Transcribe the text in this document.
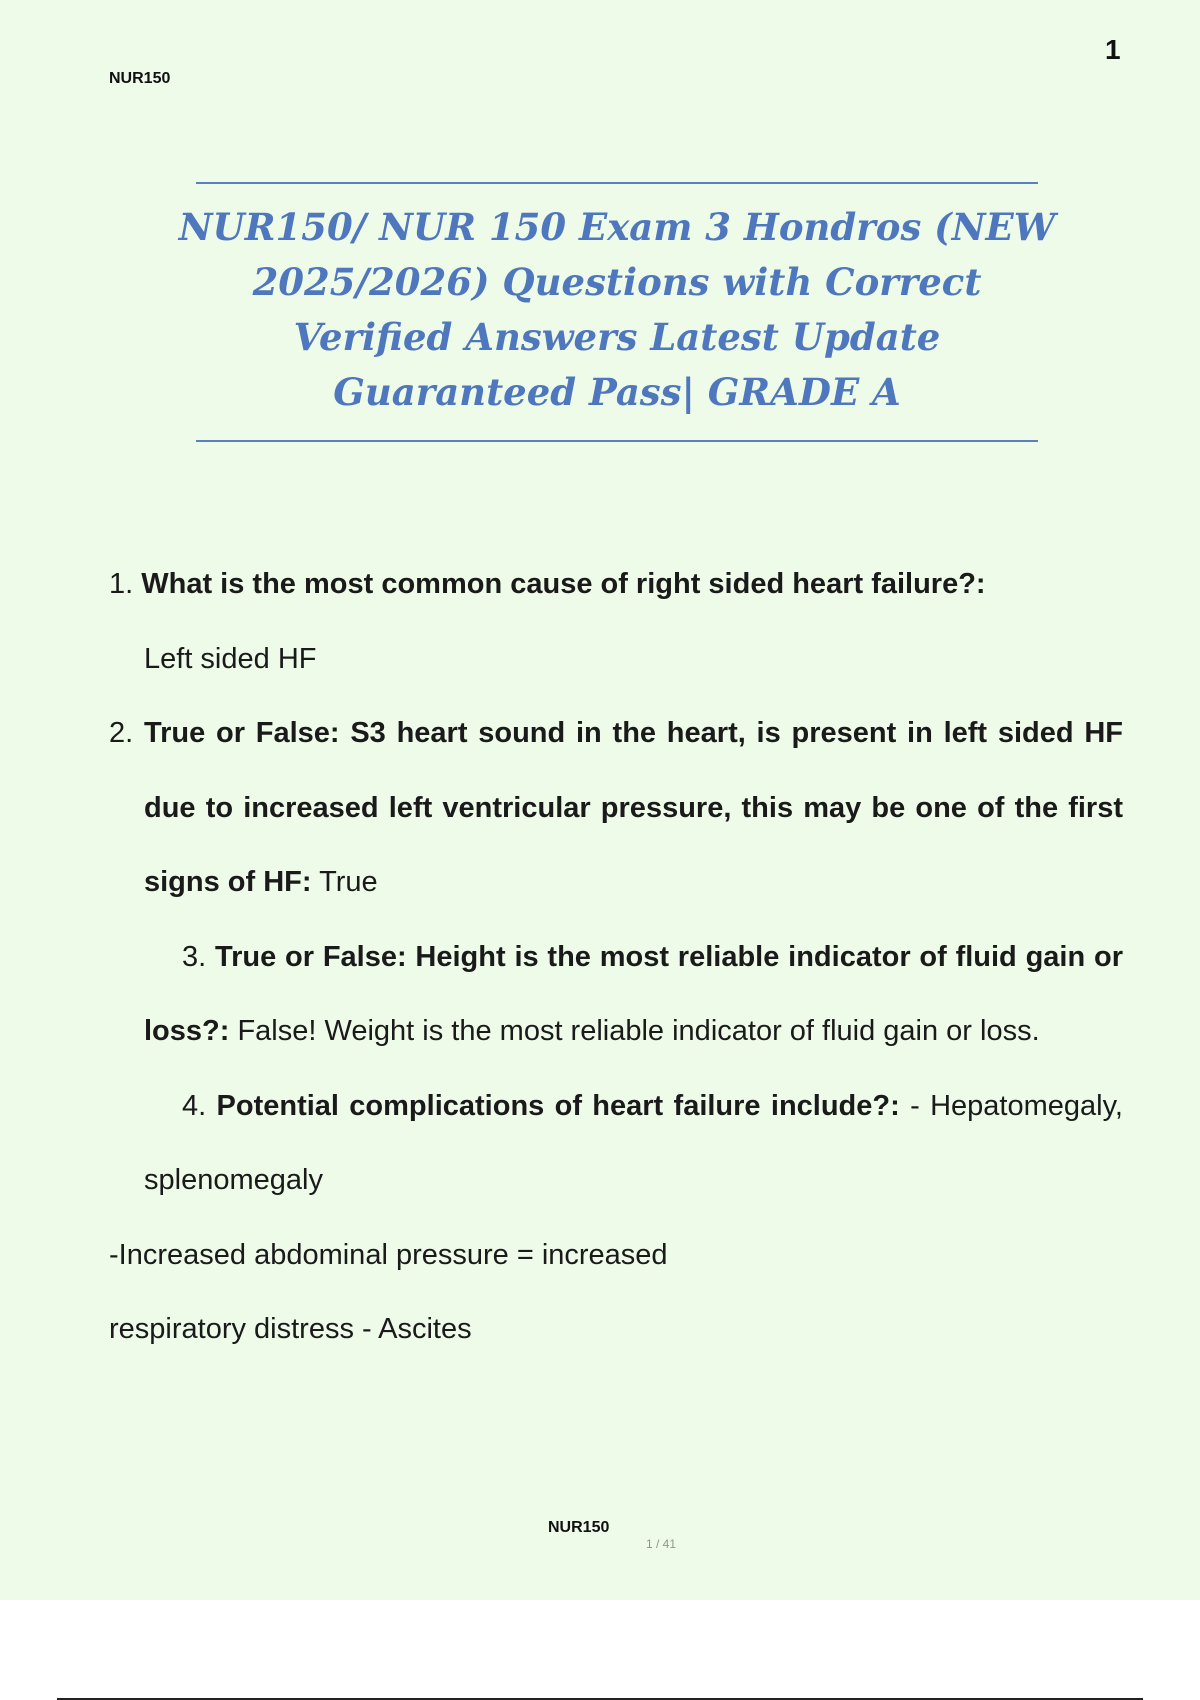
NUR150
1
NUR150/ NUR 150 Exam 3 Hondros (NEW
2025/2026) Questions with Correct
Verified Answers Latest Update
Guaranteed Pass| GRADE A

1. What is the most common cause of right sided heart failure?:
Left sided HF

2. True or False: S3 heart sound in the heart, is present in left sided HF due to increased left ventricular pressure, this may be one of the first signs of HF: True

3. True or False: Height is the most reliable indicator of fluid gain or loss?: False! Weight is the most reliable indicator of fluid gain or loss.

4. Potential complications of heart failure include?: - Hepatomegaly, splenomegaly

-Increased abdominal pressure = increased

respiratory distress - Ascites

NUR150
1 / 41
